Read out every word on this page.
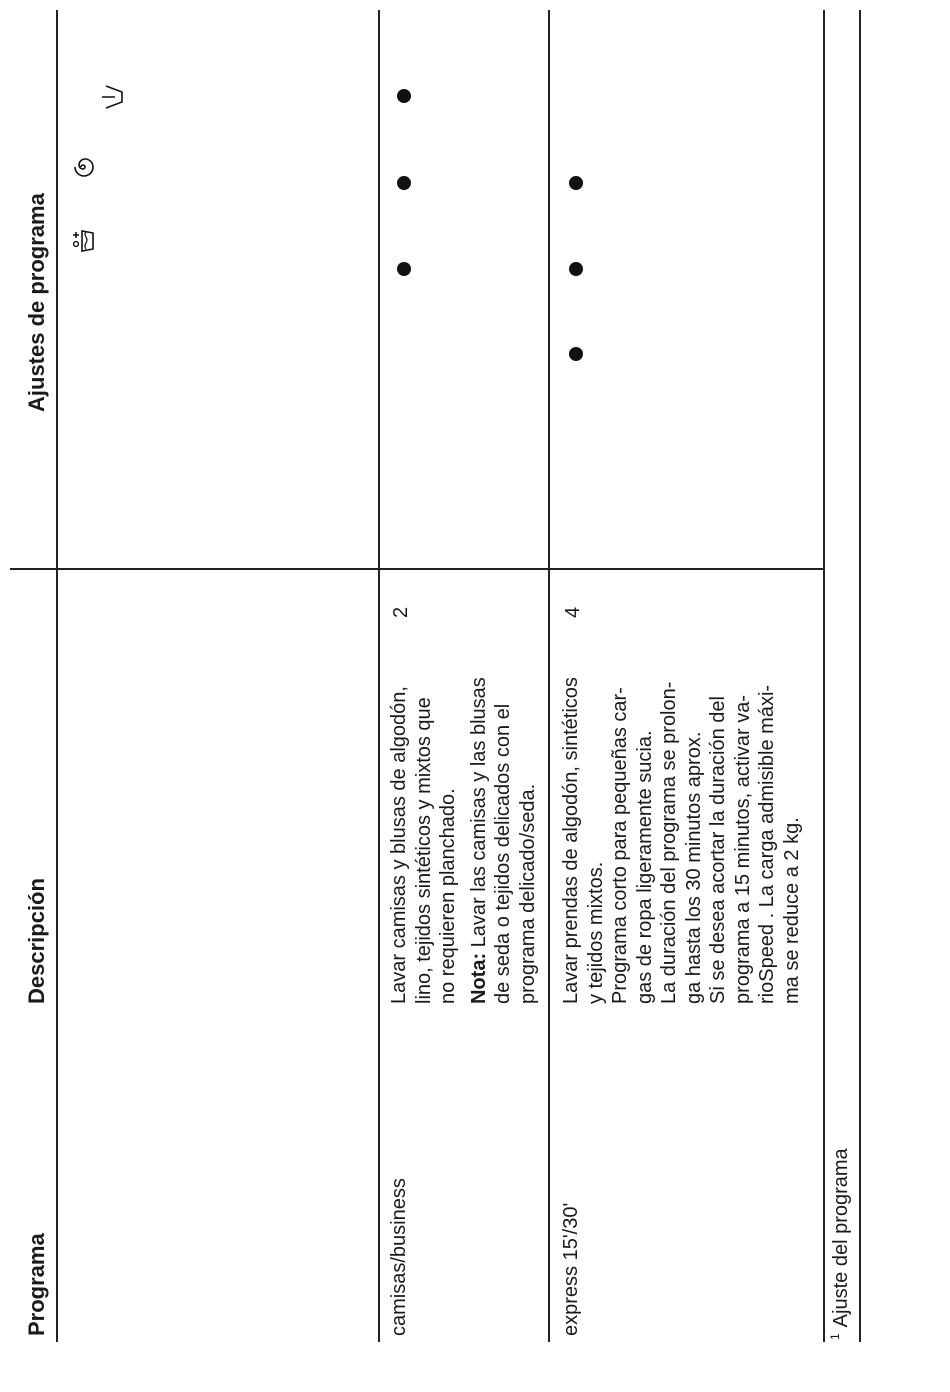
Programa
Descripción
Ajustes de programa
camisas/business
Lavar camisas y blusas de algodón, lino, tejidos sintéticos y mixtos que no requieren planchado. Nota: Lavar las camisas y las blusas de seda o tejidos delicados con el programa delicado/seda.
2
express 15'/30'
Lavar prendas de algodón, sintéticos y tejidos mixtos. Programa corto para pequeñas car- gas de ropa ligeramente sucia. La duración del programa se prolon- ga hasta los 30 minutos aprox. Si se desea acortar la duración del programa a 15 minutos, activar va- rioSpeed . La carga admisible máxi- ma se reduce a 2 kg.
4
$^1$Ajuste del programa
